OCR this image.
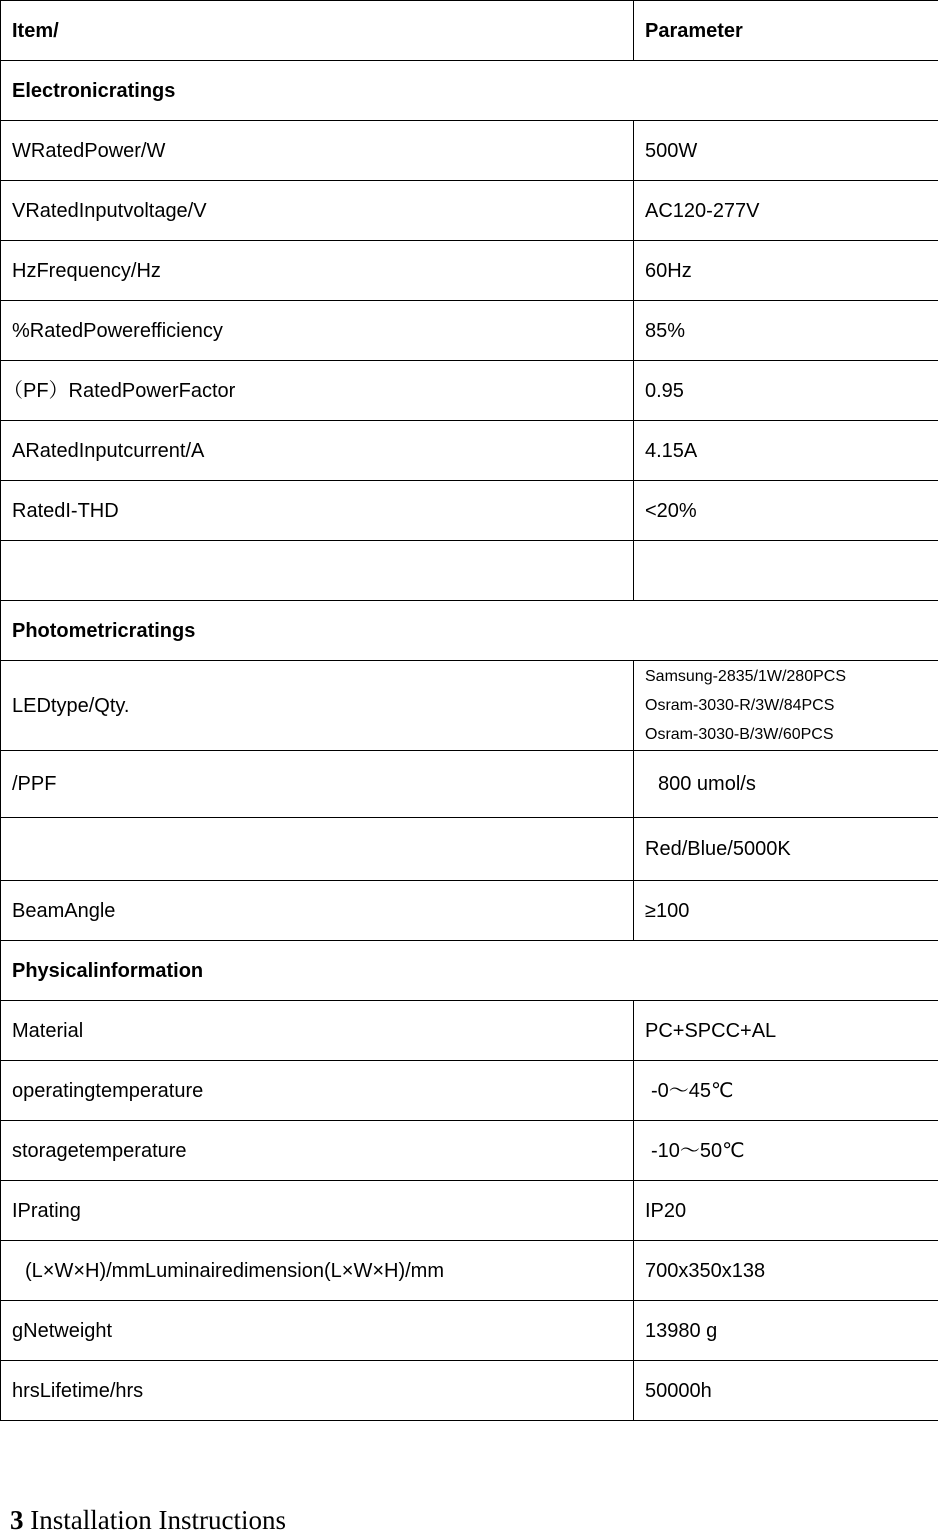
Item/	Parameter
Electronicratings	
WRatedPower/W	500W
VRatedInputvoltage/V	AC120-277V
HzFrequency/Hz	60Hz
%RatedPowerefficiency	85%
（PF）RatedPowerFactor	0.95
ARatedInputcurrent/A	4.15A
RatedI-THD	<20%

Photometricratings	
LEDtype/Qty.	Samsung-2835/1W/280PCS
Osram-3030-R/3W/84PCS
Osram-3030-B/3W/60PCS

/PPF	800 umol/s
	Red/Blue/5000K
BeamAngle	≥100
Physicalinformation	
Material	PC+SPCC+AL
operatingtemperature	-0～45℃
storagetemperature	-10～50℃
IPrating	IP20
(L×W×H)/mmLuminairedimension(L×W×H)/mm	700x350x138
gNetweight	13980 g
hrsLifetime/hrs	50000h
3 Installation Instructions
